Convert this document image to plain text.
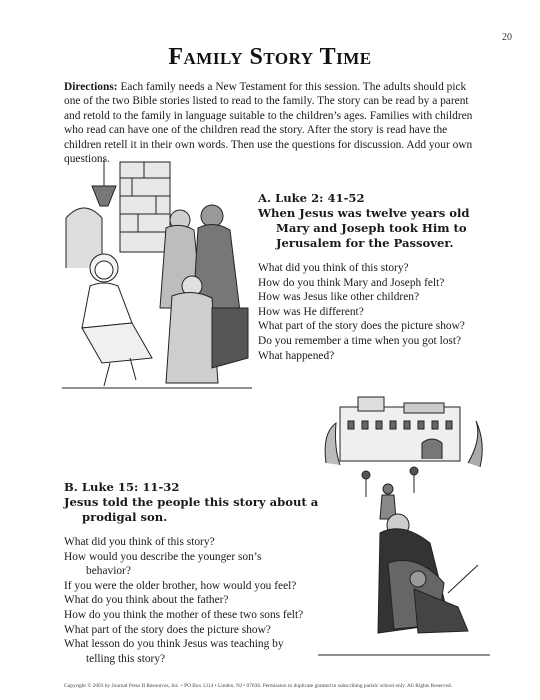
20
Family Story Time
Directions: Each family needs a New Testament for this session. The adults should pick one of the two Bible stories listed to read to the family. The story can be read by a parent and retold to the family in language suitable to the children’s ages. Families with children who read can have one of the children read the story. After the story is read have the children retell it in their own words. Then use the questions for discussion. Add your own questions.
A. Luke 2: 41-52
When Jesus was twelve years old
Mary and Joseph took Him to
Jerusalem for the Passover.
What did you think of this story?
How do you think Mary and Joseph felt?
How was Jesus like other children?
How was He different?
What part of the story does the picture show?
Do you remember a time when you got lost?
What happened?
B. Luke 15: 11-32
Jesus told the people this story about a
prodigal son.
What did you think of this story?
How would you describe the younger son’s
behavior?
If you were the older brother, how would you feel?
What do you think about the father?
How do you think the mother of these two sons felt?
What part of the story does the picture show?
What lesson do you think Jesus was teaching by
telling this story?
Copyright © 2003 by Journal Press II Resources, Inc. • PO Box 1214 • Linden, NJ • 07036. Permission to duplicate granted to subscribing parish/ school only. All Rights Reserved.
